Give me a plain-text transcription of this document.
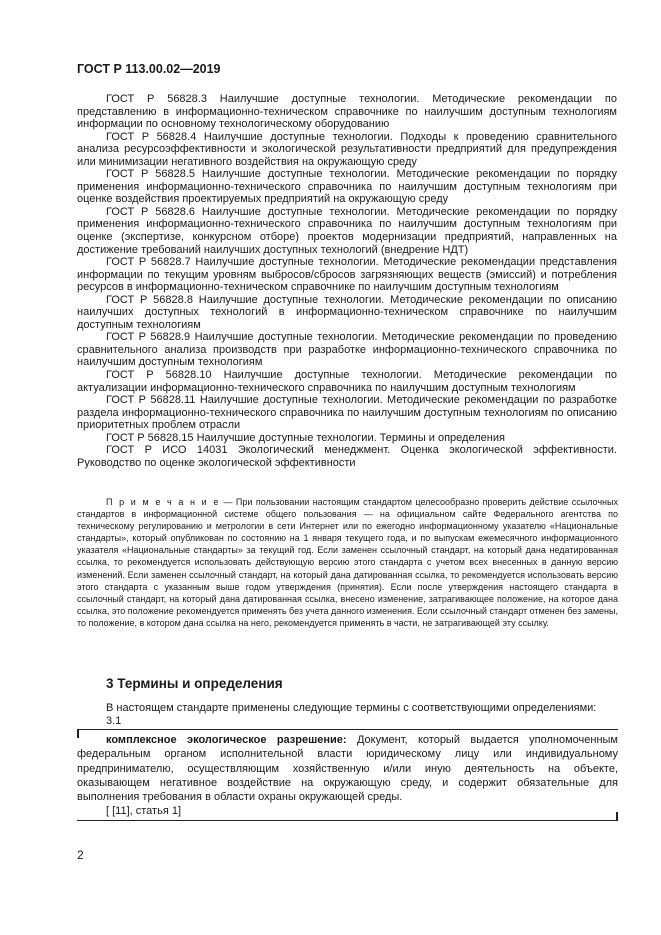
ГОСТ Р 113.00.02—2019

ГОСТ Р 56828.3 Наилучшие доступные технологии. Методические рекомендации по представлению в информационно-техническом справочнике по наилучшим доступным технологиям информации по основному технологическому оборудованию

ГОСТ Р 56828.4 Наилучшие доступные технологии. Подходы к проведению сравнительного анализа ресурсоэффективности и экологической результативности предприятий для предупреждения или минимизации негативного воздействия на окружающую среду

ГОСТ Р 56828.5 Наилучшие доступные технологии. Методические рекомендации по порядку применения информационно-технического справочника по наилучшим доступным технологиям при оценке воздействия проектируемых предприятий на окружающую среду

ГОСТ Р 56828.6 Наилучшие доступные технологии. Методические рекомендации по порядку применения информационно-технического справочника по наилучшим доступным технологиям при оценке (экспертизе, конкурсном отборе) проектов модернизации предприятий, направленных на достижение требований наилучших доступных технологий (внедрение НДТ)

ГОСТ Р 56828.7 Наилучшие доступные технологии. Методические рекомендации представления информации по текущим уровням выбросов/сбросов загрязняющих веществ (эмиссий) и потребления ресурсов в информационно-техническом справочнике по наилучшим доступным технологиям

ГОСТ Р 56828.8 Наилучшие доступные технологии. Методические рекомендации по описанию наилучших доступных технологий в информационно-техническом справочнике по наилучшим доступным технологиям

ГОСТ Р 56828.9 Наилучшие доступные технологии. Методические рекомендации по проведению сравнительного анализа производств при разработке информационно-технического справочника по наилучшим доступным технологиям

ГОСТ Р 56828.10 Наилучшие доступные технологии. Методические рекомендации по актуализации информационно-технического справочника по наилучшим доступным технологиям

ГОСТ Р 56828.11 Наилучшие доступные технологии. Методические рекомендации по разработке раздела информационно-технического справочника по наилучшим доступным технологиям по описанию приоритетных проблем отрасли

ГОСТ Р 56828.15 Наилучшие доступные технологии. Термины и определения

ГОСТ Р ИСО 14031 Экологический менеджмент. Оценка экологической эффективности. Руководство по оценке экологической эффективности

П р и м е ч а н и е — При пользовании настоящим стандартом целесообразно проверить действие ссылочных стандартов в информационной системе общего пользования — на официальном сайте Федерального агентства по техническому регулированию и метрологии в сети Интернет или по ежегодно информационному указателю «Национальные стандарты», который опубликован по состоянию на 1 января текущего года, и по выпускам ежемесячного информационного указателя «Национальные стандарты» за текущий год. Если заменен ссылочный стандарт, на который дана недатированная ссылка, то рекомендуется использовать действующую версию этого стандарта с учетом всех внесенных в данную версию изменений. Если заменен ссылочный стандарт, на который дана датированная ссылка, то рекомендуется использовать версию этого стандарта с указанным выше годом утверждения (принятия). Если после утверждения настоящего стандарта в ссылочный стандарт, на который дана датированная ссылка, внесено изменение, затрагивающее положение, на которое дана ссылка, это положение рекомендуется применять без учета данного изменения. Если ссылочный стандарт отменен без замены, то положение, в котором дана ссылка на него, рекомендуется применять в части, не затрагивающей эту ссылку.

3 Термины и определения

В настоящем стандарте применены следующие термины с соответствующими определениями:

3.1

комплексное экологическое разрешение: Документ, который выдается уполномоченным федеральным органом исполнительной власти юридическому лицу или индивидуальному предпринимателю, осуществляющим хозяйственную и/или иную деятельность на объекте, оказывающем негативное воздействие на окружающую среду, и содержит обязательные для выполнения требования в области охраны окружающей среды.

[ [11], статья 1]

2
